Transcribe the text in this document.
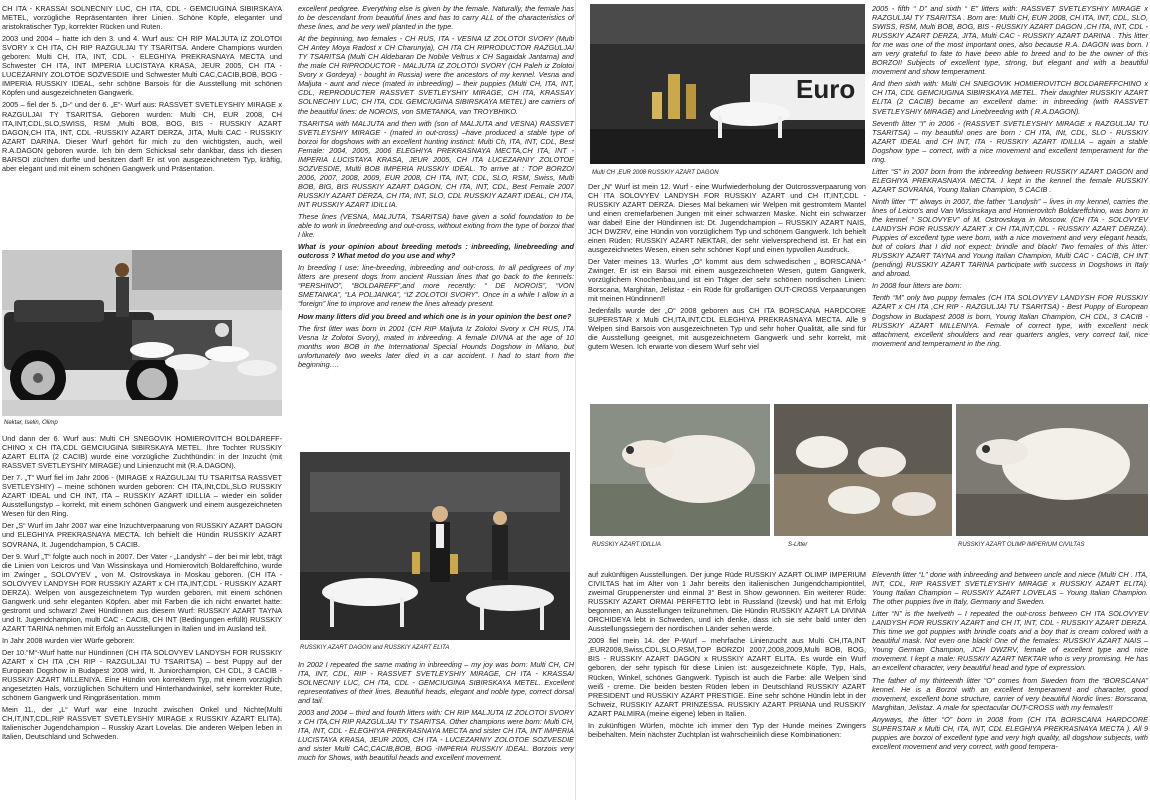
CH ITA - KRASSAI SOLNECNIY LUC, CH ITA, CDL - GEMCIUGINA SIBIRSKAYA METEL, vorzügliche Repräsentanten ihrer Linien. Schöne Köpfe, eleganter und aristokratischer Typ, korrekter Rücken und Ruten.

2003 und 2004 – hatte ich den 3. und 4. Wurf aus: CH RIP MALJUTA IZ ZOLOTOI SVORY x CH ITA, CH RIP RAZGULJAI TY TSARITSA. Andere Champions wurden geboren: Multi CH, ITA, INT, CDL - ELEGHIYA PREKRASNAYA MECTA und Schwester CH ITA, INT IMPERIA LUCISTAYA KRASA, JEUR 2005, CH ITA - LUCEZARNIY ZOLOTOE SOZVESDIE und Schwester Multi CAC,CACIB,BOB, BOG -IMPERIA RUSSKIY IDEAL, sehr schöne Barsois für die Ausstellung mit schönen Köpfen und ausgezeichneten Gangwerk.

2005 – fiel der 5. „D-“ und der 6. „E“- Wurf aus: RASSVET SVETLEYSHIY MIRAGE x RAZGULJAI TY TSARITSA. Geboren wurden: Multi CH, EUR 2008, CH ITA,INT,CDL,SLO,SWISS, RSM ,Multi BOB, BOG, BIS - RUSSKIY AZART DAGON,CH ITA, INT, CDL -RUSSKIY AZART DERZA, JITA, Multi CAC - RUSSKIY AZART DARINA. Dieser Wurf gehört für mich zu den wichtigsten, auch, weil R.A.DAGON geboren wurde. Ich bin dem Schicksal sehr dankbar, dass ich diesen BARSOI züchten durfte und besitzen darf! Er ist von ausgezeichnetem Typ, kräftig, aber elegant und mit einem schönen Gangwerk und Präsentation.

Nektar, Iselin, Olimp

Und dann der 6. Wurf aus: Multi CH SNEGOVIK HOMIEROVITCH BOLDAREFF-CHINO x CH ITA,CDL GEMCIUGINA SIBIRSKAYA METEL. Ihre Tochter RUSSKIY AZART ELITA (2 CACIB) wurde eine vorzügliche Zuchthündin: in der Inzucht (mit RASSVET SVETLEYSHIY MIRAGE) und Linienzucht mit (R.A.DAGON).

Der 7. „T“ Wurf fiel im Jahr 2006 - (MIRAGE x RAZGULJAI TU TSARITSA RASSVET SVETLEYSHIY) – meine schönen wurden geboren: CH ITA,INt,CDL,SLO RUSSKIY AZART IDEAL und CH INT, ITA – RUSSKIY AZART IDILLIA – wieder ein solider Ausstellungstyp – korrekt, mit einem schönen Gangwerk und einem ausgezeichneten Wesen für den Ring.

Der „S“ Wurf im Jahr 2007 war eine Inzuchtverpaarung von RUSSKIY AZART DAGON und ELEGHIYA PREKRASNAYA MECTA. Ich behielt die Hündin RUSSKIY AZART SOVRANA, It. Jugendchampion, 5 CACIB.

Der 9. Wurf „T“ folgte auch noch in 2007. Der Vater - „Landysh“ – der bei mir lebt, trägt die Linien von Leicros und Van Wissinskaya und Homierovitch Boldareffchino, wurde im Zwinger „ SOLOVYEV „ von M. Ostrovskaya in Moskau geboren. (CH ITA - SOLOVYEV LANDYSH FOR RUSSKIY AZART x CH ITA,INT,CDL - RUSSKIY AZART DERZA). Welpen von ausgezeichnetem Typ wurden geboren, mit einem schönen Gangwerk und sehr eleganten Köpfen. aber mit Farben die ich nicht erwartet hatte: gestromt und schwarz! Zwei Hündinnen aus diesem Wurf: RUSSKIY AZART TAYNA und It. Jugendchampion, multi CAC - CACIB, CH INT (Bedingungen erfüllt) RUSSKIY AZART TARINA nehmen mit Erfolg an Ausstellungen in Italien und im Ausland teil.

In Jahr 2008 wurden vier Würfe geboren:

Der 10.“M“-Wurf hatte nur Hündinnen (CH ITA SOLOVYEV LANDYSH FOR RUSSKIY AZART x CH ITA ,CH RIP - RAZGULJAI TU TSARITSA) – best Puppy auf der European Dogshow in Budapest 2008 wird, It. Juniorchampion, CH CDL, 3 CACIB - RUSSKIY AZART MILLENIYA. Eine Hündin von korrektem Typ, mit einem vorzüglich angesetzten Hals, vorzüglichen Schultern und Hinterhandwinkel, sehr korrekter Rute, schönem Gangwerk und Ringpräsentation. mmm

Mein 11., der „L“ Wurf war eine Inzucht zwischen Onkel und Nichte(Multi CH,IT,INT,CDL,RIP RASSVET SVETLEYSHIY MIRAGE x RUSSKIY AZART ELITA). Italienischer Jugendchampion – Russkiy Azart Lovelas. Die anderen Welpen leben in Italien, Deutschland und Schweden.

excellent pedigree. Everything else is given by the female. Naturally, the female has to be descendant from beautiful lines and has to carry ALL of the characteristics of these lines, and be very well planted in the type.

At the beginning, two females - CH RUS, ITA - VESNA IZ ZOLOTOI SVORY (Multi CH Antey Moya Radost x CH Charunyja), CH ITA CH RIPRODUCTOR RAZGULJAI TY TSARITSA (Multi CH Aldebaran De Nobile Veltrus x CH Sagaidak Jantarna) and the male CH RIPRODUCTOR - MALJUTA IZ ZOLOTOI SVORY (CH Paleh iz Zolotoi Svory x Gordeya) - bought in Russia) were the ancestors of my kennel. Vesna and Maljuta - aunt and niece (mated in inbreeding) – their puppies (Multi CH, ITA, INT, CDL, REPRODUCTER RASSVET SVETLEYSHIY MIRAGE, CH ITA, KRASSAY SOLNECHIY LUC, CH ITA, CDL GEMCIUGINA SIBIRSKAYA METEL) are carriers of the beautiful lines: de NOROIS, von SMETANKA, van TROYBHIKO.

TSARITSA with MALJUTA and then with (son of MALJUTA and VESNA) RASSVET SVETLEYSHIY MIRAGE - (mated in out-cross) –have produced a stable type of borzoi for dogshows with an excellent hunting instinct: Multi Ch, ITA, INT, CDL, Best Female: 2004, 2005, 2006 ELEGHIYA PREKRASNAYA MECTA,CH ITA, INT - IMPERIA LUCISTAYA KRASA, JEUR 2005, CH ITA LUCEZARNIY ZOLOTOE SOZVESDIE, Multi BOB IMPERIA RUSSKIY IDEAL. To arrive at : TOP BORZOI 2006, 2007, 2008, 2009, EUR 2008, CH ITA, INT, CDL, SLO, RSM, Swiss, Multi BOB, BIG, BIS RUSSKIY AZART DAGON, CH ITA, INT, CDL, Best Female 2007 RUSSKIY AZART DERZA, CH ITA, INT, SLO, CDL RUSSKIY AZART IDEAL, CH ITA, INT RUSSKIY AZART IDILLIA.

These lines (VESNA, MALJUTA, TSARITSA) have given a solid foundation to be able to work in linebreeding and out-cross, without exiting from the type of borzoi that I like.

What is your opinion about breeding metods : inbreeding, linebreeding and outcross ? What metod do you use and why?

In breeding I use: line-breeding, inbreeding and out-cross. In all pedigrees of my litters are present dogs from ancient Russian lines that go back to the kennels: “PERSHINO”, “BOLDAREFF”,and more recently: “ DE NOROIS”, “VON SMETANKA”, “LA POLJANKA”, “IZ ZOLOTOI SVORY”. Once in a while I allow in a “foreign” line to improve and renew the lines already present.

How many litters did you breed and which one is in your opinion the best one?

The first litter was born in 2001 (CH RIP Maljuta Iz Zolotoi Svory x CH RUS, ITA Vesna Iz Zolotoi Svory), mated in inbreeding. A female DIVNA at the age of 10 months won BOB in the International Special Hounds Dogshow in Milano, but unfortunately two weeks later died in a car accident. I had to start from the beginning….

RUSSKIY AZART DAGON and RUSSKIY AZART ELITA

In 2002 I repeated the same mating in inbreeding – my joy was born: Multi CH, CH ITA, INT, CDL, RIP - RASSVET SVETLEYSHIY MIRAGE, CH ITA - KRASSAI SOLNECNIY LUC, CH ITA, CDL - GEMCIUGINA SIBIRSKAYA METEL. Excellent representatives of their lines. Beautiful heads, elegant and noble type, correct dorsal and tail.

2003 and 2004 – third and fourth litters with: CH RIP MALJUTA IZ ZOLOTOI SVORY x CH ITA,CH RIP RAZGULJAI TY TSARITSA. Other champions were born: Multi CH, ITA, INT, CDL - ELEGHIYA PREKRASNAYA MECTA and sister CH ITA, INT IMPERIA LUCISTAYA KRASA, JEUR 2005, CH ITA - LUCEZARNIY ZOLOTOE SOZVESDIE and sister Multi CAC,CACIB,BOB, BOG -IMPERIA RUSSKIY IDEAL. Borzois very much for Shows, with beautiful heads and excellent movement.

Euro
Multi CH ,EUR 2008 RUSSKIY AZART DAGON

Der „N“ Wurf ist mein 12. Wurf - eine Wurfwiederholung der Outcrossverpaarung von CH ITA SOLOVYEV LANDYSH FOR RUSSKIY AZART und CH IT,INT,CDL - RUSSKIY AZART DERZA. Dieses Mal bekamen wir Welpen mit gestromtem Mantel und einen cremefarbenen Jungen mit einer schwarzen Maske. Nicht ein schwarzer war dabei! Eine der Hündinnen ist: Dt. Jugendchampion – RUSSKIY AZART NAIS, JCH DWZRV, eine Hündin von vorzüglichem Typ und schönem Gangwerk. Ich behielt einen Rüden: RUSSKIY AZART NEKTAR, der sehr vielversprechend ist. Er hat ein ausgezeichnetes Wesen, einen sehr schöner Kopf und einen typvollen Ausdruck.

Der Vater meines 13. Wurfes „O“ kommt aus dem schwedischen „ BORSCANA-“ Zwinger. Er ist ein Barsoi mit einem ausgezeichneten Wesen, gutem Gangwerk, vorzüglichem Knochenbau,und ist ein Träger der sehr schönen nordischen Linien: Borscana, Marghitan, Jelistaz - ein Rüde für großartigen OUT-CROSS Verpaarungen mit meinen Hündinnen!!

Jedenfalls wurde der „O“ 2008 geboren aus CH ITA BORSCANA HARDCORE SUPERSTAR x Multi CH,ITA,INT,CDL ELEGHIYA PREKRASNAYA MECTA. Alle 9 Welpen sind Barsois von ausgezeichneten Typ und sehr hoher Qualität, alle sind für die Ausstellung geeignet, mit ausgezeichnetem Gangwerk und sehr korrekt, mit gutem Wesen. Ich erwarte von diesem Wurf sehr viel

RUSSKIY AZART IDILLIA	S-Litter	RUSSKIY AZART OLIMP IMPERIUM CIVILTAS

auf zukünftigen Ausstellungen. Der junge Rüde RUSSKIY AZART OLIMP IMPERIUM CIVILTAS hat im Alter von 1 Jahr bereits den italienischen Jungendchampiontitel, zweimal Gruppenerster und einmal 3° Best in Show gewonnen. Ein weiterer Rüde: RUSSKIY AZART ORMAI PERFETTO lebt in Russland (Izevsk) und hat mit Erfolg begonnen, an Ausstellungen teilzunehmen. Die Hündin RUSSKIY AZART LA DIVINA ORCHIDEYA lebt in Schweden, und ich denke, dass ich sie sehr bald unter den Ausstellungssiegern der nordischen Länder sehen werde.

2009 fiel mein 14. der P-Wurf – mehrfache Linienzucht aus Multi CH,ITA,INT ,EUR2008,Swiss,CDL,SLO,RSM,TOP BORZOI 2007,2008,2009,Multi BOB, BOG, BIS - RUSSKIY AZART DAGON x RUSSKIY AZART ELITA. Es wurde ein Wurf geboren, der sehr typisch für diese Linien ist: ausgezeichnete Köpfe, Typ, Hals, Rücken, Winkel, schönes Gangwerk. Typisch ist auch die Farbe: alle Welpen sind weiß - creme. Die beiden besten Rüden leben in Deutschland RUSSKIY AZART PRESIDENT und RUSSKIY AZART PRESTIGE. Eine sehr schöne Hündin lebt in der Schweiz, RUSSKIY AZART PRINZESSA. RUSSKIY AZART PRIANA und RUSSKIY AZART PALMIRA (meine eigene) leben in Italien.

In zukünftigen Würfen, möchte ich immer den Typ der Hunde meines Zwingers beibehalten. Mein nächster Zuchtplan ist wahrscheinlich diese Kombinationen:

2005 - fifth “ D” and sixth “ E” litters with: RASSVET SVETLEYSHIY MIRAGE x RAZGULJAI TY TSARITSA . Born are: Multi CH, EUR 2008, CH ITA, INT, CDL, SLO, SWISS, RSM, Multi BOB, BOG, BIS - RUSSKIY AZART DAGON ,CH ITA, INT, CDL - RUSSKIY AZART DERZA, JITA, Multi CAC - RUSSKIY AZART DARINA . This litter for me was one of the most important ones, also because R.A. DAGON was born. I am very grateful to fate to have been able to breed and to be the owner of this BORZOI! Subjects of excellent type, strong, but elegant and with a beautiful movement and show temperament.

And then sixth with: Multi CH SNEGOVIK HOMIEROVITCH BOLDAREFFCHINO x CH ITA, CDL GEMCIUGINA SIBIRSKAYA METEL. Their daughter RUSSKIY AZART ELITA (2 CACIB) became an excellent dame: in inbreeding (with RASSVET SVETLEYSHIY MIRAGE) and Linebreeding with ( R.A.DAGON).

Seventh litter “I” in 2006 - (RASSVET SVETLEYSHIY MIRAGE x RAZGULJAI TU TSARITSA) – my beautiful ones are born : CH ITA, INt, CDL, SLO - RUSSKIY AZART IDEAL and CH INT, ITA - RUSSKIY AZART IDILLIA – again a stable Dogshow type – correct, with a nice movement and excellent temperament for the ring.

Litter “S” in 2007 born from the inbreeding between RUSSKIY AZART DAGON and ELEGHIYA PREKRASNAYA MECTA. I kept in the kennel the female RUSSKIY AZART SOVRANA, Young Italian Champion, 5 CACIB .

Ninth litter “T” always in 2007, the father “Landysh” – lives in my kennel, carries the lines of Leicro’s and Van Wissinskaya and Homierovitch Boldareffchino, was born in the kennel “ SOLOVYEV” of M. Ostrovskaya in Moscow. (CH ITA - SOLOVYEV LANDYSH FOR RUSSKIY AZART x CH ITA,INT,CDL - RUSSKIY AZART DERZA). Puppies of excellent type were born, with a nice movement and very elegant heads, but of colors that I did not expect: brindle and black! Two females of this litter: RUSSKIY AZART TAYNA and Young Italian Champion, Multi CAC - CACIB, CH INT (pending) RUSSKIY AZART TARINA participate with success in Dogshows in Italy and abroad.

In 2008 four litters are born:

Tenth “M” only two puppy females (CH ITA SOLOVYEV LANDYSH FOR RUSSKIY AZART x CH ITA ,CH RIP - RAZGULJAI TU TSARITSA) - Best Puppy of European Dogshow in Budapest 2008 is born, Young Italian Champion, CH CDL, 3 CACIB -RUSSKIY AZART MILLENIYA. Female of correct type, with excellent neck attachment, excellent shoulders and rear quarters angles, very correct tail, nice movement and temperament in the ring.

Eleventh litter “L” done with inbreeding and between uncle and niece (Multi CH . ITA, INT, CDL, RIP RASSVET SVETLEYSHIY MIRAGE x RUSSKIY AZART ELITA). Young Italian Champion – RUSSKIY AZART LOVELAS – Young Italian Champion. The other puppies live in Italy, Germany and Sweden.

Litter “N” is the twelveth – I repeated the out-cross between CH ITA SOLOVYEV LANDYSH FOR RUSSKIY AZART and CH IT, INT, CDL - RUSSKIY AZART DERZA. This time we got puppies with brindle coats and a boy that is cream colored with a beautiful mask. Not even one black! One of the females: RUSSKIY AZART NAIS – Young German Champion, JCH DWZRV, female of excellent type and nice movement. I kept a male: RUSSKIY AZART NEKTAR who is very promising. He has an excellent character, very beautiful head and type of expression.

The father of my thirteenth litter “O” comes from Sweden from the “BORSCANA” kennel. He is a Borzoi with an excellent temperament and character, good movement, excellent bone structure, carrier of very beautiful Nordic lines: Borscana, Marghitan, Jelistaz. A male for spectacular OUT-CROSS with my females!!

Anyways, the litter “O” born in 2008 from (CH ITA BORSCANA HARDCORE SUPERSTAR x Multi CH, ITA, INT, CDL ELEGHIYA PREKRASNAYA MECTA ). All 9 puppies are borzoi of excellent type and very high quality, all dogshow subjects, with excellent movement and very correct, with good tempera-
